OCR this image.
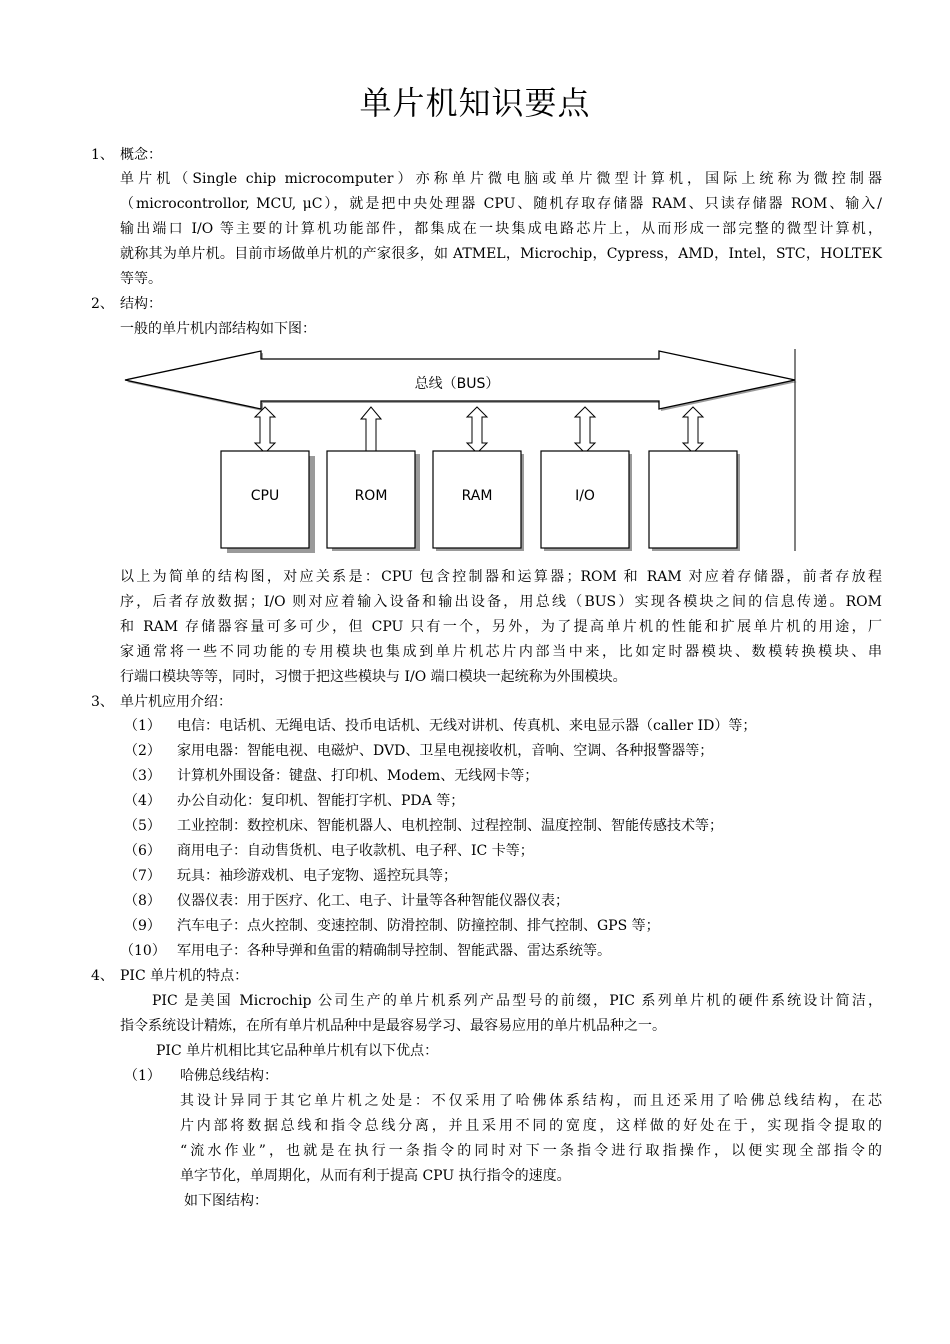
单片机知识要点
1、 概念：
单片机（Single chip microcomputer）亦称单片微电脑或单片微型计算机，国际上统称为微控制器
（microcontrollor, MCU, μC），就是把中央处理器 CPU、随机存取存储器 RAM、只读存储器 ROM、输入/
输出端口 I/O 等主要的计算机功能部件，都集成在一块集成电路芯片上，从而形成一部完整的微型计算机，
就称其为单片机。目前市场做单片机的产家很多，如 ATMEL，Microchip，Cypress，AMD，Intel，STC，HOLTEK
等等。
2、 结构：
一般的单片机内部结构如下图：
总线（BUS）
CPU	ROM	RAM	I/O
以上为简单的结构图，对应关系是：CPU 包含控制器和运算器；ROM 和 RAM 对应着存储器，前者存放程
序，后者存放数据；I/O 则对应着输入设备和输出设备，用总线（BUS）实现各模块之间的信息传递。ROM
和 RAM 存储器容量可多可少，但 CPU 只有一个，另外，为了提高单片机的性能和扩展单片机的用途，厂
家通常将一些不同功能的专用模块也集成到单片机芯片内部当中来，比如定时器模块、数模转换模块、串
行端口模块等等，同时，习惯于把这些模块与 I/O 端口模块一起统称为外围模块。
3、 单片机应用介绍：
（1） 电信：电话机、无绳电话、投币电话机、无线对讲机、传真机、来电显示器（caller ID）等；
（2） 家用电器：智能电视、电磁炉、DVD、卫星电视接收机，音响、空调、各种报警器等；
（3） 计算机外围设备：键盘、打印机、Modem、无线网卡等；
（4） 办公自动化：复印机、智能打字机、PDA 等；
（5） 工业控制：数控机床、智能机器人、电机控制、过程控制、温度控制、智能传感技术等；
（6） 商用电子：自动售货机、电子收款机、电子秤、IC 卡等；
（7） 玩具：袖珍游戏机、电子宠物、遥控玩具等；
（8） 仪器仪表：用于医疗、化工、电子、计量等各种智能仪器仪表；
（9） 汽车电子：点火控制、变速控制、防滑控制、防撞控制、排气控制、GPS 等；
（10） 军用电子：各种导弹和鱼雷的精确制导控制、智能武器、雷达系统等。
4、 PIC 单片机的特点：
PIC 是美国 Microchip 公司生产的单片机系列产品型号的前缀，PIC 系列单片机的硬件系统设计简洁，
指令系统设计精炼，在所有单片机品种中是最容易学习、最容易应用的单片机品种之一。
PIC 单片机相比其它品种单片机有以下优点：
（1） 哈佛总线结构：
其设计异同于其它单片机之处是：不仅采用了哈佛体系结构，而且还采用了哈佛总线结构，在芯
片内部将数据总线和指令总线分离，并且采用不同的宽度，这样做的好处在于，实现指令提取的
“流水作业”，也就是在执行一条指令的同时对下一条指令进行取指操作，以便实现全部指令的
单字节化，单周期化，从而有利于提高 CPU 执行指令的速度。
如下图结构：
